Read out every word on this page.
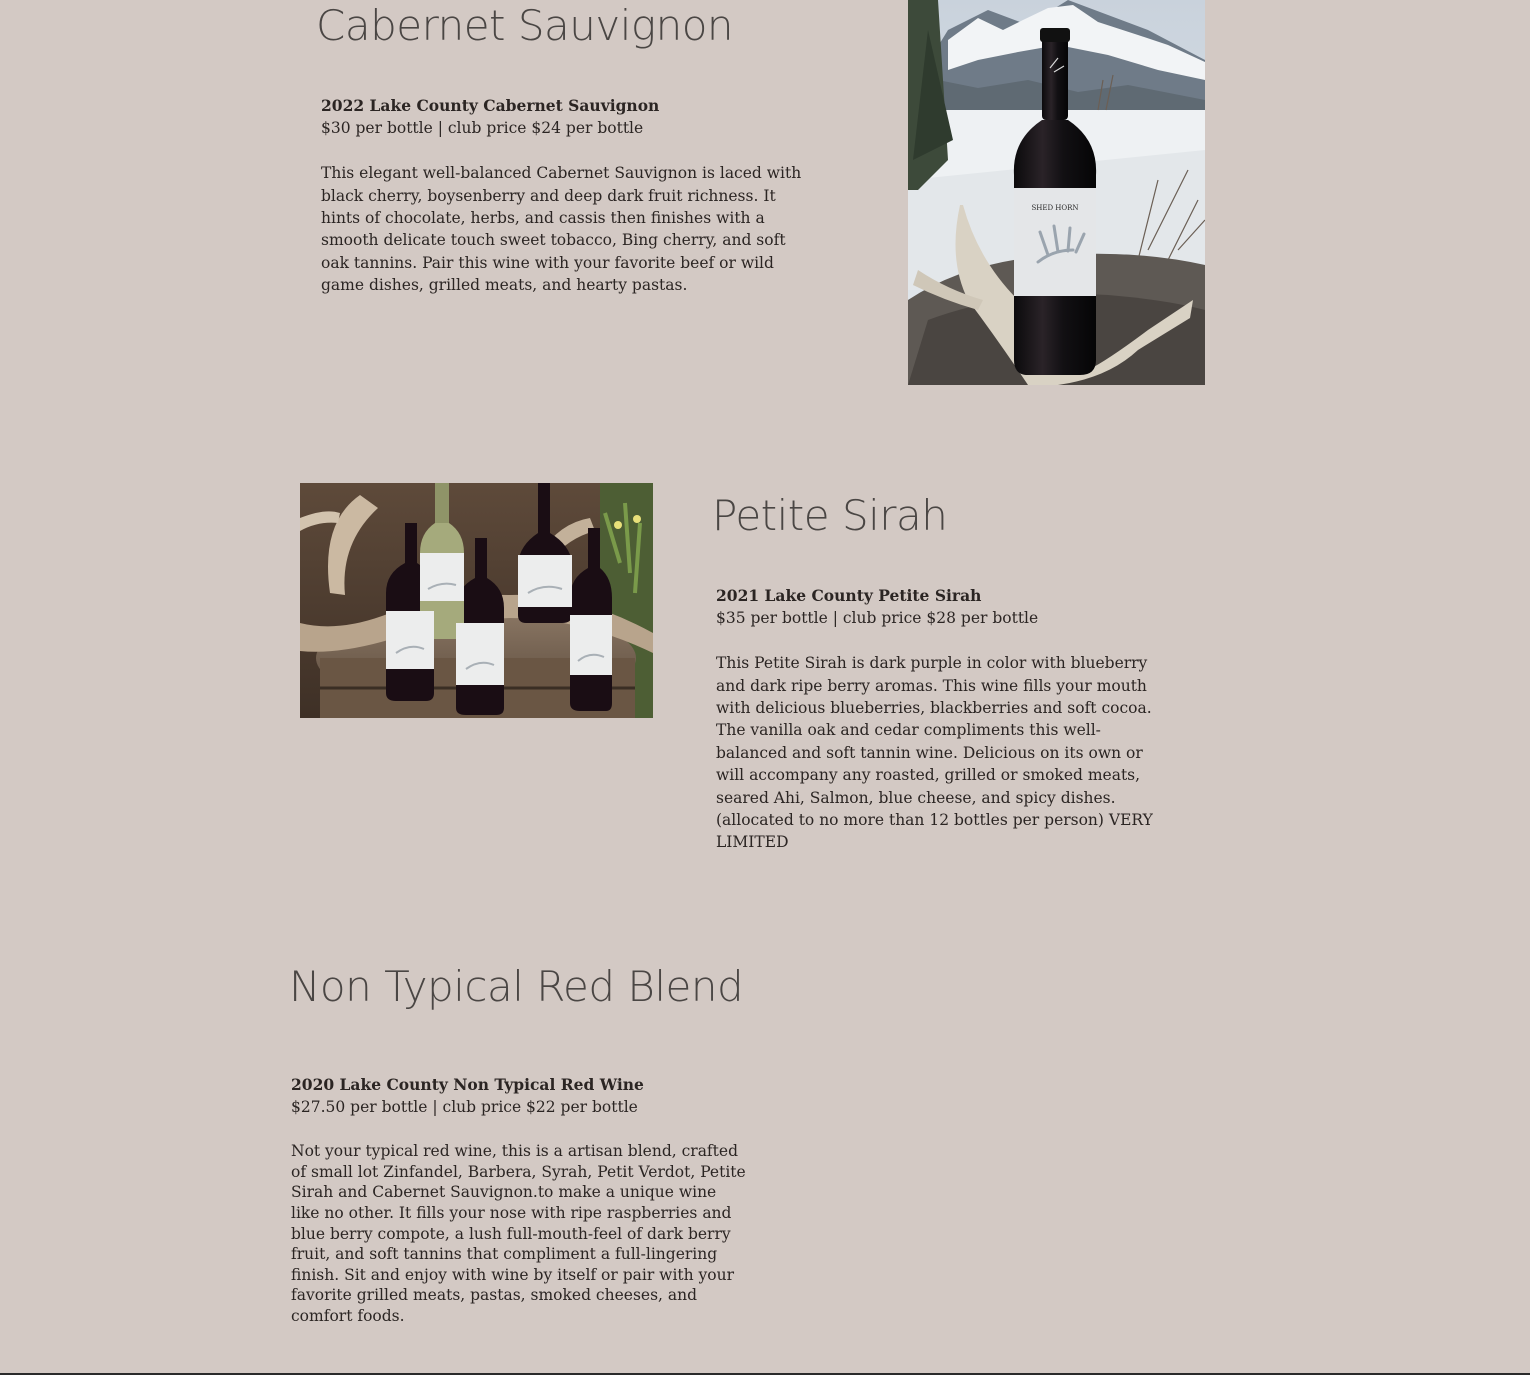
Cabernet Sauvignon
2022 Lake County Cabernet Sauvignon
$30 per bottle | club price $24 per bottle
This elegant well-balanced Cabernet Sauvignon is laced with black cherry, boysenberry and deep dark fruit richness. It hints of chocolate, herbs, and cassis then finishes with a smooth delicate touch sweet tobacco, Bing cherry, and soft oak tannins. Pair this wine with your favorite beef or wild game dishes, grilled meats, and hearty pastas.
SHED HORN
Petite Sirah
2021 Lake County Petite Sirah
$35 per bottle | club price $28 per bottle
This Petite Sirah is dark purple in color with blueberry and dark ripe berry aromas. This wine fills your mouth with delicious blueberries, blackberries and soft cocoa. The vanilla oak and cedar compliments this well-balanced and soft tannin wine. Delicious on its own or will accompany any roasted, grilled or smoked meats, seared Ahi, Salmon, blue cheese, and spicy dishes. (allocated to no more than 12 bottles per person) VERY LIMITED
Non Typical Red Blend
2020 Lake County Non Typical Red Wine
$27.50 per bottle | club price $22 per bottle
Not your typical red wine, this is a artisan blend, crafted of small lot Zinfandel, Barbera, Syrah, Petit Verdot, Petite Sirah and Cabernet Sauvignon.to make a unique wine like no other. It fills your nose with ripe raspberries and blue berry compote, a lush full-mouth-feel of dark berry fruit, and soft tannins that compliment a full-lingering finish. Sit and enjoy with wine by itself or pair with your favorite grilled meats, pastas, smoked cheeses, and comfort foods.
